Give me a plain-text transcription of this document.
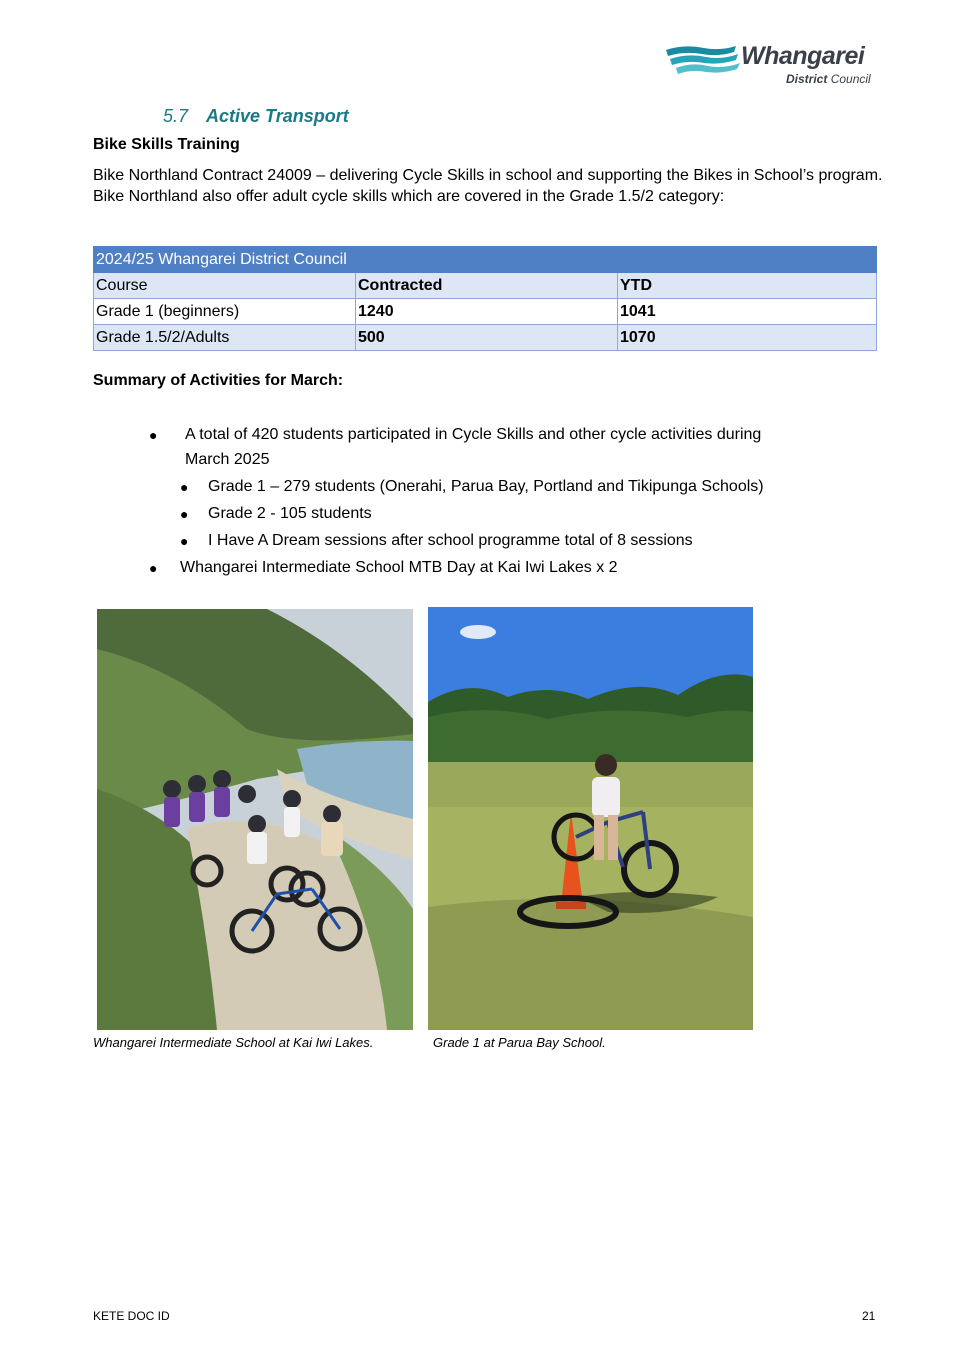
Whangarei
District Council
5.7 Active Transport
Bike Skills Training
Bike Northland Contract 24009 – delivering Cycle Skills in school and supporting the Bikes in School’s program. Bike Northland also offer adult cycle skills which are covered in the Grade 1.5/2 category:
2024/25 Whangarei District Council		
Course	Contracted	YTD
Grade 1 (beginners)	1240	1041
Grade 1.5/2/Adults	500	1070
Summary of Activities for March:
● A total of 420 students participated in Cycle Skills and other cycle activities during
March 2025
● Grade 1 – 279 students (Onerahi, Parua Bay, Portland and Tikipunga Schools)
● Grade 2 - 105 students
● I Have A Dream sessions after school programme total of 8 sessions
● Whangarei Intermediate School MTB Day at Kai Iwi Lakes x 2
Whangarei Intermediate School at Kai Iwi Lakes.	Grade 1 at Parua Bay School.
KETE DOC ID	21
